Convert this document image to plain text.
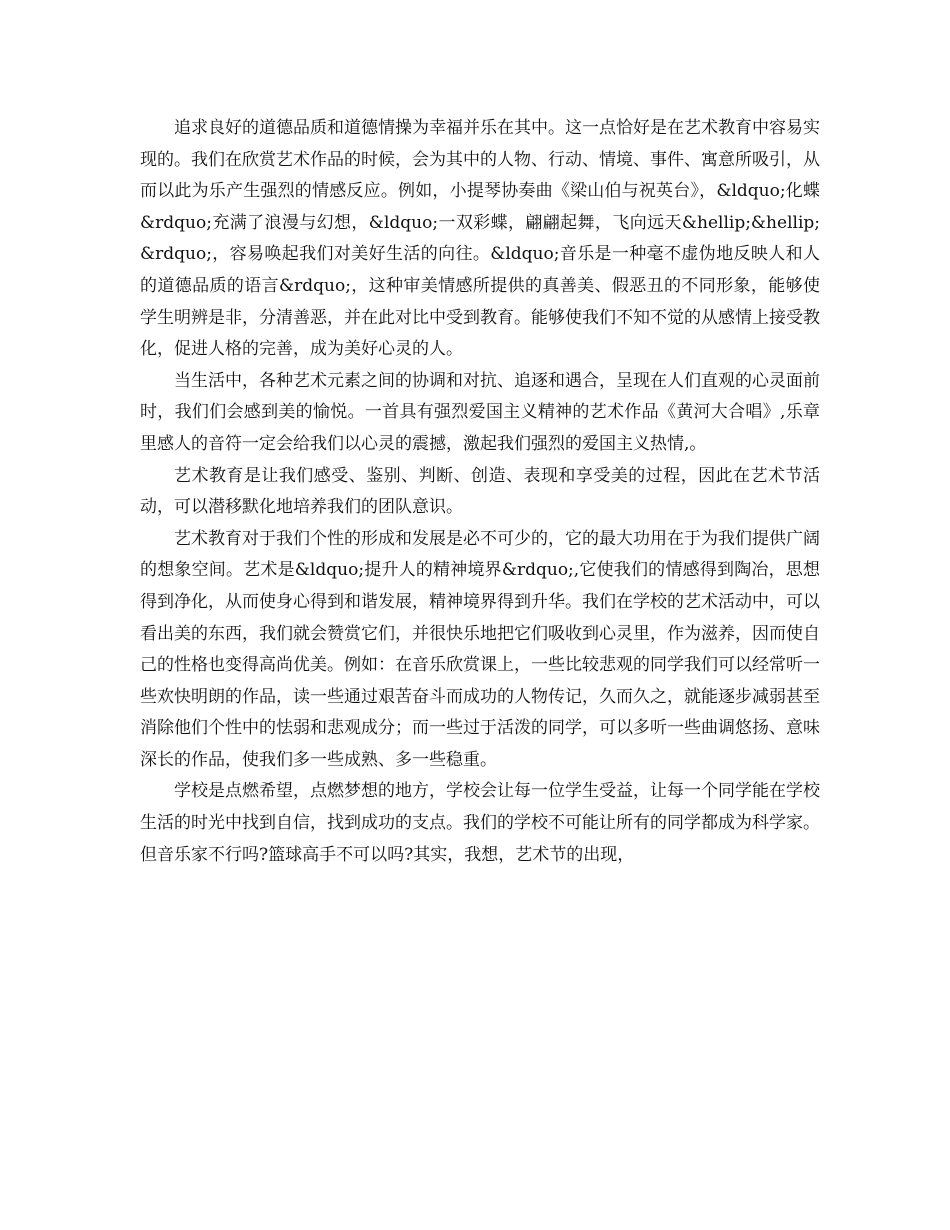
追求良好的道德品质和道德情操为幸福并乐在其中。这一点恰好是在艺术教育中容易实现的。我们在欣赏艺术作品的时候，会为其中的人物、行动、情境、事件、寓意所吸引，从而以此为乐产生强烈的情感反应。例如，小提琴协奏曲《梁山伯与祝英台》，&ldquo;化蝶&rdquo;充满了浪漫与幻想，&ldquo;一双彩蝶，翩翩起舞，飞向远天&hellip;&hellip;&rdquo;，容易唤起我们对美好生活的向往。&ldquo;音乐是一种毫不虚伪地反映人和人的道德品质的语言&rdquo;，这种审美情感所提供的真善美、假恶丑的不同形象，能够使学生明辨是非，分清善恶，并在此对比中受到教育。能够使我们不知不觉的从感情上接受教化，促进人格的完善，成为美好心灵的人。

当生活中，各种艺术元素之间的协调和对抗、追逐和遇合，呈现在人们直观的心灵面前时，我们们会感到美的愉悦。一首具有强烈爱国主义精神的艺术作品《黄河大合唱》,乐章里感人的音符一定会给我们以心灵的震撼，激起我们强烈的爱国主义热情,。

艺术教育是让我们感受、鉴别、判断、创造、表现和享受美的过程，因此在艺术节活动，可以潜移默化地培养我们的团队意识。

艺术教育对于我们个性的形成和发展是必不可少的，它的最大功用在于为我们提供广阔的想象空间。艺术是&ldquo;提升人的精神境界&rdquo;,它使我们的情感得到陶冶，思想得到净化，从而使身心得到和谐发展，精神境界得到升华。我们在学校的艺术活动中，可以看出美的东西，我们就会赞赏它们，并很快乐地把它们吸收到心灵里，作为滋养，因而使自己的性格也变得高尚优美。例如：在音乐欣赏课上，一些比较悲观的同学我们可以经常听一些欢快明朗的作品，读一些通过艰苦奋斗而成功的人物传记，久而久之，就能逐步减弱甚至消除他们个性中的怯弱和悲观成分；而一些过于活泼的同学，可以多听一些曲调悠扬、意味深长的作品，使我们多一些成熟、多一些稳重。

学校是点燃希望，点燃梦想的地方，学校会让每一位学生受益，让每一个同学能在学校生活的时光中找到自信，找到成功的支点。我们的学校不可能让所有的同学都成为科学家。但音乐家不行吗?篮球高手不可以吗?其实，我想，艺术节的出现，
